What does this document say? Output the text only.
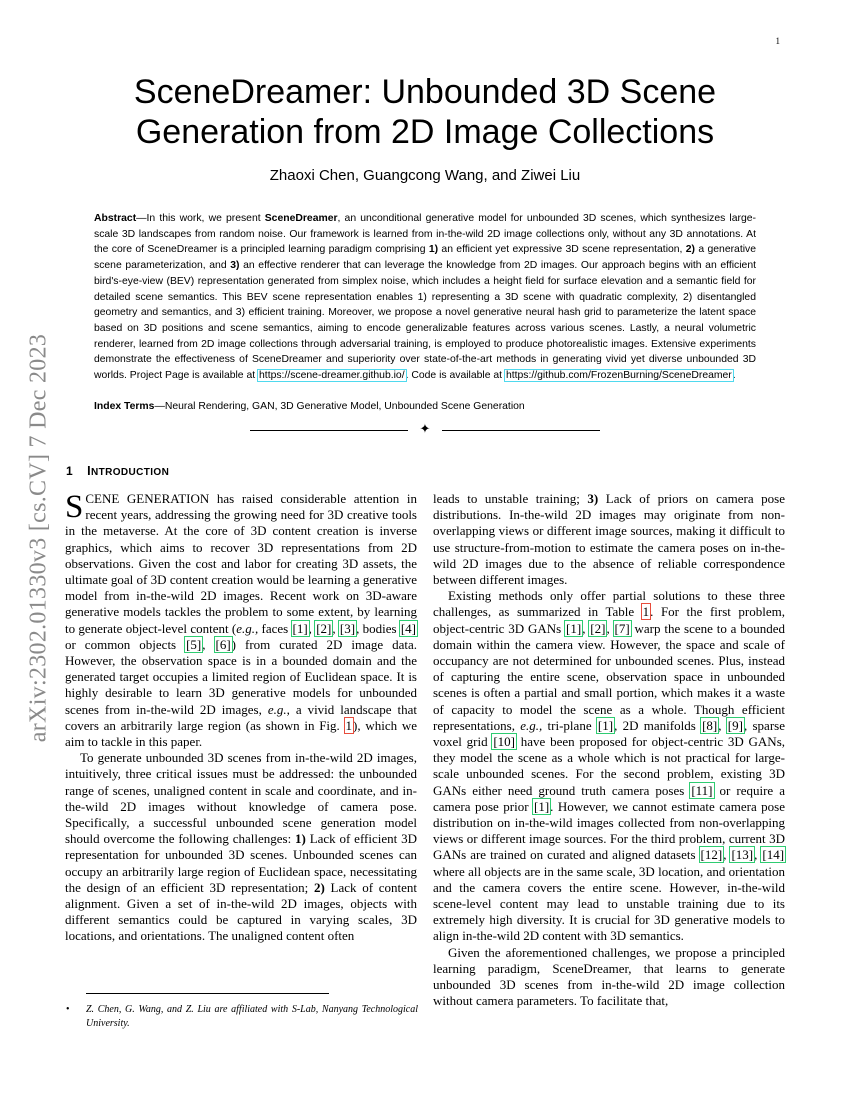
1
arXiv:2302.01330v3 [cs.CV] 7 Dec 2023
SceneDreamer: Unbounded 3D Scene
Generation from 2D Image Collections
Zhaoxi Chen, Guangcong Wang, and Ziwei Liu

Abstract—In this work, we present SceneDreamer, an unconditional generative model for unbounded 3D scenes, which synthesizes large-scale 3D landscapes from random noise. Our framework is learned from in-the-wild 2D image collections only, without any 3D annotations. At the core of SceneDreamer is a principled learning paradigm comprising 1) an efficient yet expressive 3D scene representation, 2) a generative scene parameterization, and 3) an effective renderer that can leverage the knowledge from 2D images. Our approach begins with an efficient bird's-eye-view (BEV) representation generated from simplex noise, which includes a height field for surface elevation and a semantic field for detailed scene semantics. This BEV scene representation enables 1) representing a 3D scene with quadratic complexity, 2) disentangled geometry and semantics, and 3) efficient training. Moreover, we propose a novel generative neural hash grid to parameterize the latent space based on 3D positions and scene semantics, aiming to encode generalizable features across various scenes. Lastly, a neural volumetric renderer, learned from 2D image collections through adversarial training, is employed to produce photorealistic images. Extensive experiments demonstrate the effectiveness of SceneDreamer and superiority over state-of-the-art methods in generating vivid yet diverse unbounded 3D worlds. Project Page is available at https://scene-dreamer.github.io/. Code is available at https://github.com/FrozenBurning/SceneDreamer.

Index Terms—Neural Rendering, GAN, 3D Generative Model, Unbounded Scene Generation
✦
1 INTRODUCTION

SCENE GENERATION has raised considerable attention in recent years, addressing the growing need for 3D creative tools in the metaverse. At the core of 3D content creation is inverse graphics, which aims to recover 3D representations from 2D observations. Given the cost and labor for creating 3D assets, the ultimate goal of 3D content creation would be learning a generative model from in-the-wild 2D images. Recent work on 3D-aware generative models tackles the problem to some extent, by learning to generate object-level content (e.g., faces [1], [2], [3], bodies [4] or common objects [5], [6]) from curated 2D image data. However, the observation space is in a bounded domain and the generated target occupies a limited region of Euclidean space. It is highly desirable to learn 3D generative models for unbounded scenes from in-the-wild 2D images, e.g., a vivid landscape that covers an arbitrarily large region (as shown in Fig. 1), which we aim to tackle in this paper.

To generate unbounded 3D scenes from in-the-wild 2D images, intuitively, three critical issues must be addressed: the unbounded range of scenes, unaligned content in scale and coordinate, and in-the-wild 2D images without knowledge of camera pose. Specifically, a successful unbounded scene generation model should overcome the following challenges: 1) Lack of efficient 3D representation for unbounded 3D scenes. Unbounded scenes can occupy an arbitrarily large region of Euclidean space, necessitating the design of an efficient 3D representation; 2) Lack of content alignment. Given a set of in-the-wild 2D images, objects with different semantics could be captured in varying scales, 3D locations, and orientations. The unaligned content often

leads to unstable training; 3) Lack of priors on camera pose distributions. In-the-wild 2D images may originate from non-overlapping views or different image sources, making it difficult to use structure-from-motion to estimate the camera poses on in-the-wild 2D images due to the absence of reliable correspondence between different images.

Existing methods only offer partial solutions to these three challenges, as summarized in Table 1. For the first problem, object-centric 3D GANs [1], [2], [7] warp the scene to a bounded domain within the camera view. However, the space and scale of occupancy are not determined for unbounded scenes. Plus, instead of capturing the entire scene, observation space in unbounded scenes is often a partial and small portion, which makes it a waste of capacity to model the scene as a whole. Though efficient representations, e.g., tri-plane [1], 2D manifolds [8], [9], sparse voxel grid [10] have been proposed for object-centric 3D GANs, they model the scene as a whole which is not practical for large-scale unbounded scenes. For the second problem, existing 3D GANs either need ground truth camera poses [11] or require a camera pose prior [1]. However, we cannot estimate camera pose distribution on in-the-wild images collected from non-overlapping views or different image sources. For the third problem, current 3D GANs are trained on curated and aligned datasets [12], [13], [14] where all objects are in the same scale, 3D location, and orientation and the camera covers the entire scene. However, in-the-wild scene-level content may lead to unstable training due to its extremely high diversity. It is crucial for 3D generative models to align in-the-wild 2D content with 3D semantics.

Given the aforementioned challenges, we propose a principled learning paradigm, SceneDreamer, that learns to generate unbounded 3D scenes from in-the-wild 2D image collection without camera parameters. To facilitate that,

• Z. Chen, G. Wang, and Z. Liu are affiliated with S-Lab, Nanyang Technological University.
